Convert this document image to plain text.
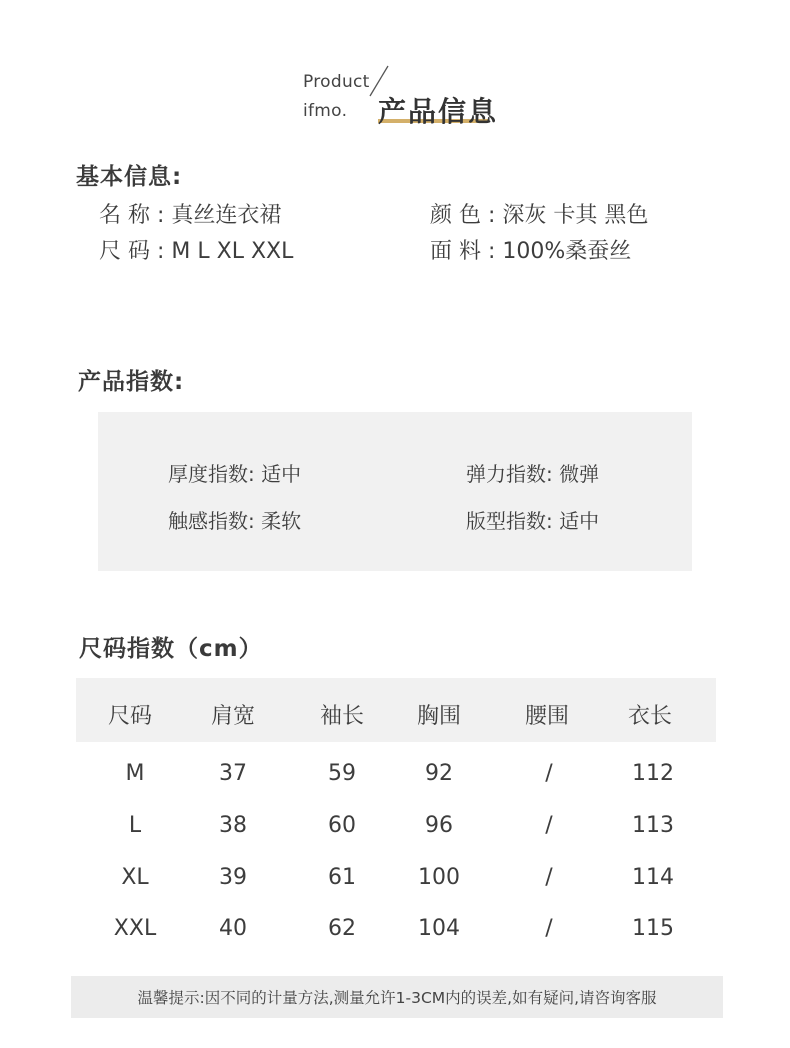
Product
ifmo. 产品信息
基本信息:
名 称 : 真丝连衣裙	颜 色 : 深灰 卡其 黑色
尺 码 : M L XL XXL	面 料 : 100%桑蚕丝
产品指数:
厚度指数: 适中	弹力指数: 微弹
触感指数: 柔软	版型指数: 适中
尺码指数（cm）
尺码	肩宽	袖长	胸围	腰围	衣长
M	37	59	92	/	112
L	38	60	96	/	113
XL	39	61	100	/	114
XXL	40	62	104	/	115
温馨提示:因不同的计量方法,测量允许1-3CM内的误差,如有疑问,请咨询客服
